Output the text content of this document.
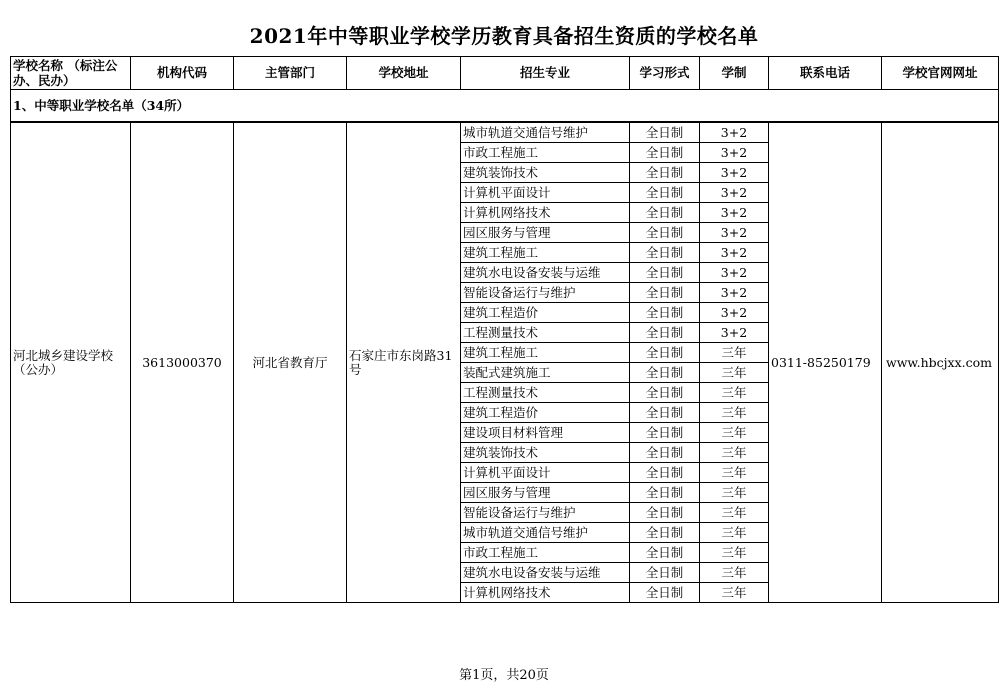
2021年中等职业学校学历教育具备招生资质的学校名单
学校名称 （标注公办、民办）	机构代码	主管部门	学校地址	招生专业	学习形式	学制	联系电话	学校官网网址
1、中等职业学校名单（34所）								
河北城乡建设学校（公办）	3613000370	河北省教育厅	石家庄市东岗路31号	城市轨道交通信号维护	全日制	3+2	0311-85250179	www.hbcjxx.com
				市政工程施工	全日制	3+2		
				建筑装饰技术	全日制	3+2		
				计算机平面设计	全日制	3+2		
				计算机网络技术	全日制	3+2		
				园区服务与管理	全日制	3+2		
				建筑工程施工	全日制	3+2		
				建筑水电设备安装与运维	全日制	3+2		
				智能设备运行与维护	全日制	3+2		
				建筑工程造价	全日制	3+2		
				工程测量技术	全日制	3+2		
				建筑工程施工	全日制	三年		
				装配式建筑施工	全日制	三年		
				工程测量技术	全日制	三年		
				建筑工程造价	全日制	三年		
				建设项目材料管理	全日制	三年		
				建筑装饰技术	全日制	三年		
				计算机平面设计	全日制	三年		
				园区服务与管理	全日制	三年		
				智能设备运行与维护	全日制	三年		
				城市轨道交通信号维护	全日制	三年		
				市政工程施工	全日制	三年		
				建筑水电设备安装与运维	全日制	三年		
				计算机网络技术	全日制	三年		
第1页，共20页
